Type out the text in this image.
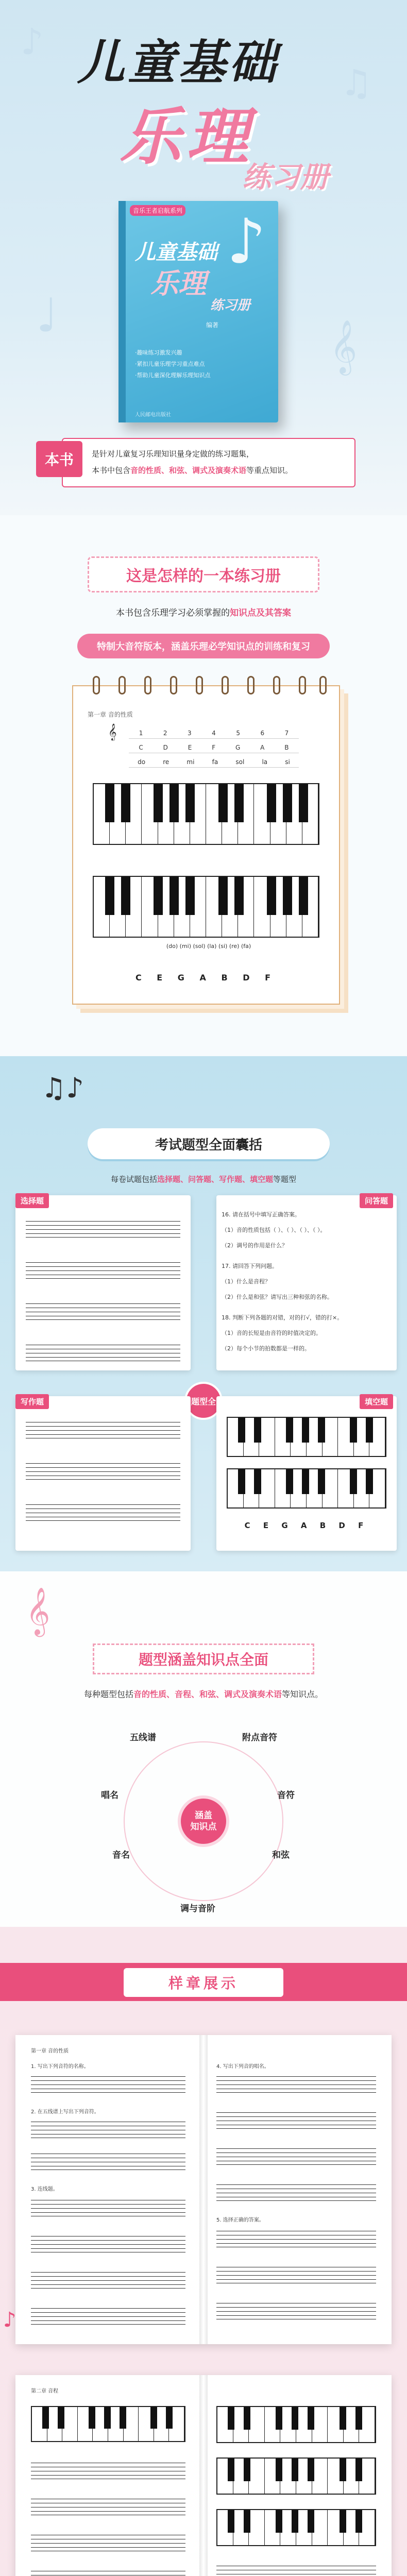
♪
♫
♩
𝄞
儿童基础
乐理
练习册
♪
音乐王者启航系列
儿童基础
乐理
练习册
编著
·趣味练习激发兴趣
·紧扣儿童乐理学习重点难点
·帮助儿童深化理解乐理知识点
人民邮电出版社
本书	是针对儿童复习乐理知识量身定做的练习题集，
本书中包含音的性质、和弦、调式及演奏术语等重点知识。
这是怎样的一本练习册
本书包含乐理学习必须掌握的知识点及其答案
特制大音符版本，涵盖乐理必学知识点的训练和复习
第一章 音的性质
𝄞	1	2	3	4	5	6	7
C	D	E	F	G	A	B
do	re	mi	fa	sol	la	si
(do) (mi) (sol) (la) (si) (re) (fa)
C E G A B D F
♫♪
考试题型全面囊括
每卷试题包括选择题、问答题、写作题、填空题等题型
选择题	问答题
16. 请在括号中填写正确答案。
（1）音的性质包括（ ）、（ ）、（ ）、（ ）。
（2）调号的作用是什么？
17. 请回答下列问题。
（1）什么是音程？
（2）什么是和弦？请写出三种和弦的名称。
18. 判断下列各题的对错，对的打√，错的打×。
（1）音的长短是由音符的时值决定的。
（2）每个小节的拍数都是一样的。
题型全
写作题	填空题
C E G A B D F
𝄞
题型涵盖知识点全面
每种题型包括音的性质、音程、和弦、调式及演奏术语等知识点。
涵盖
知识点
五线谱	附点音符
音符
和弦
调与音阶
音名
唱名
样章展示
第一章 音的性质
1. 写出下列音符的名称。
2. 在五线谱上写出下列音符。
3. 连线题。
4. 写出下列音的唱名。
5. 选择正确的答案。
第二章 音程
♪
